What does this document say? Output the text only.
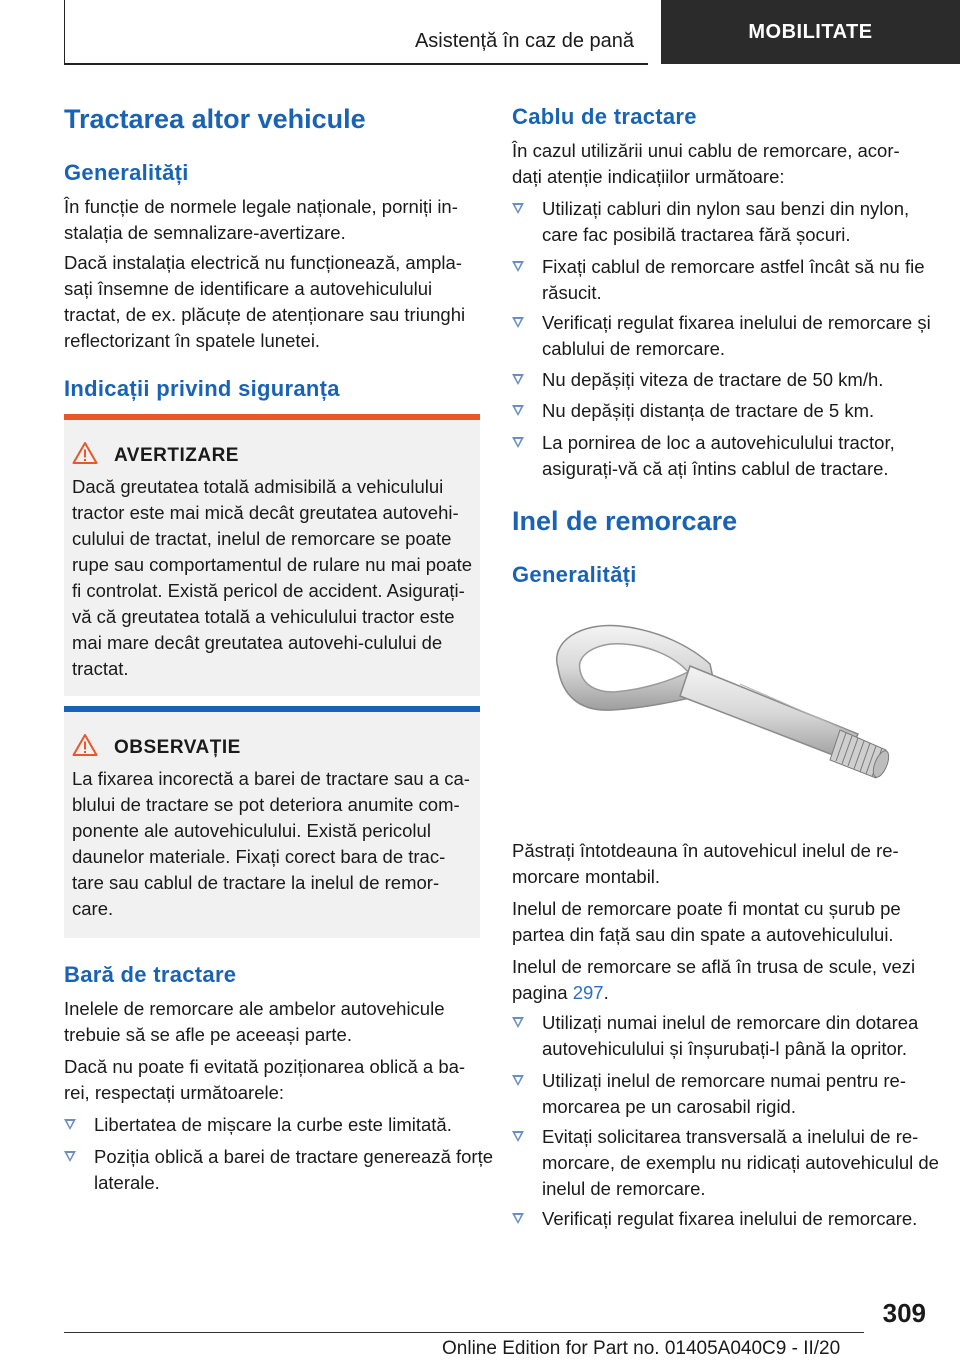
Asistență în caz de pană	MOBILITATE
Tractarea altor vehicule
Generalități

În funcție de normele legale naționale, porniți in-stalația de semnalizare-avertizare.

Dacă instalația electrică nu funcționează, ampla-sați însemne de identificare a autovehiculului tractat, de ex. plăcuțe de atenționare sau triunghi reflectorizant în spatele lunetei.

Indicații privind siguranța
AVERTIZARE
Dacă greutatea totală admisibilă a vehiculului tractor este mai mică decât greutatea autovehi-culului de tractat, inelul de remorcare se poate rupe sau comportamentul de rulare nu mai poate fi controlat. Există pericol de accident. Asigurați-vă că greutatea totală a vehiculului tractor este mai mare decât greutatea autovehi-culului de tractat.
OBSERVAȚIE
La fixarea incorectă a barei de tractare sau a ca-blului de tractare se pot deteriora anumite com-ponente ale autovehiculului. Există pericolul daunelor materiale. Fixați corect bara de trac-tare sau cablul de tractare la inelul de remor-care.
Bară de tractare

Inelele de remorcare ale ambelor autovehicule trebuie să se afle pe aceeași parte.

Dacă nu poate fi evitată poziționarea oblică a ba-rei, respectați următoarele:

Libertatea de mișcare la curbe este limitată.
Poziția oblică a barei de tractare generează forțe laterale.
Cablu de tractare

În cazul utilizării unui cablu de remorcare, acor-dați atenție indicațiilor următoare:

Utilizați cabluri din nylon sau benzi din nylon, care fac posibilă tractarea fără șocuri.
Fixați cablul de remorcare astfel încât să nu fie răsucit.
Verificați regulat fixarea inelului de remorcare și cablului de remorcare.
Nu depășiți viteza de tractare de 50 km/h.
Nu depășiți distanța de tractare de 5 km.
La pornirea de loc a autovehiculului tractor, asigurați-vă că ați întins cablul de tractare.
Inel de remorcare
Generalități

Păstrați întotdeauna în autovehicul inelul de re-morcare montabil.

Inelul de remorcare poate fi montat cu șurub pe partea din față sau din spate a autovehiculului.

Inelul de remorcare se află în trusa de scule, vezi pagina 297.

Utilizați numai inelul de remorcare din dotarea autovehiculului și înșurubați-l până la opritor.
Utilizați inelul de remorcare numai pentru re-morcarea pe un carosabil rigid.
Evitați solicitarea transversală a inelului de re-morcare, de exemplu nu ridicați autovehiculul de inelul de remorcare.
Verificați regulat fixarea inelului de remorcare.
309
Online Edition for Part no. 01405A040C9 - II/20
